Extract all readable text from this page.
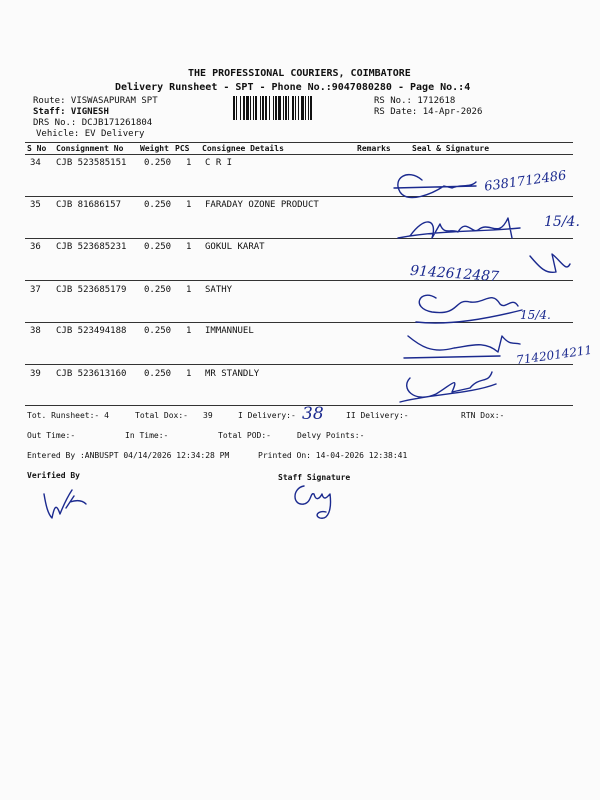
THE PROFESSIONAL COURIERS, COIMBATORE
Delivery Runsheet - SPT - Phone No.:9047080280 - Page No.:4
Route: VISWASAPURAM SPT
Staff: VIGNESH
DRS No.: DCJB171261804
Vehicle: EV Delivery
RS No.: 1712618
RS Date: 14-Apr-2026
S No Consignment No Weight PCS Consignee Details	Remarks	Seal & Signature
34 CJB 523585151 0.250 1 C R I
35 CJB 81686157	0.250 1 FARADAY OZONE PRODUCT
36 CJB 523685231 0.250 1 GOKUL KARAT
37 CJB 523685179 0.250 1 SATHY
38 CJB 523494188 0.250 1 IMMANNUEL
39 CJB 523613160 0.250 1 MR STANDLY
6381712486
15/4.
9142612487
15/4.
7142014211
Tot. Runsheet:- 4	Total Dox:- 39	I Delivery:- 38	II Delivery:-	RTN Dox:-
Out Time:-	In Time:-	Total POD:-	Delvy Points:-
Entered By :ANBUSPT 04/14/2026 12:34:28 PM	Printed On: 14-04-2026 12:38:41
Verified By	Staff Signature
